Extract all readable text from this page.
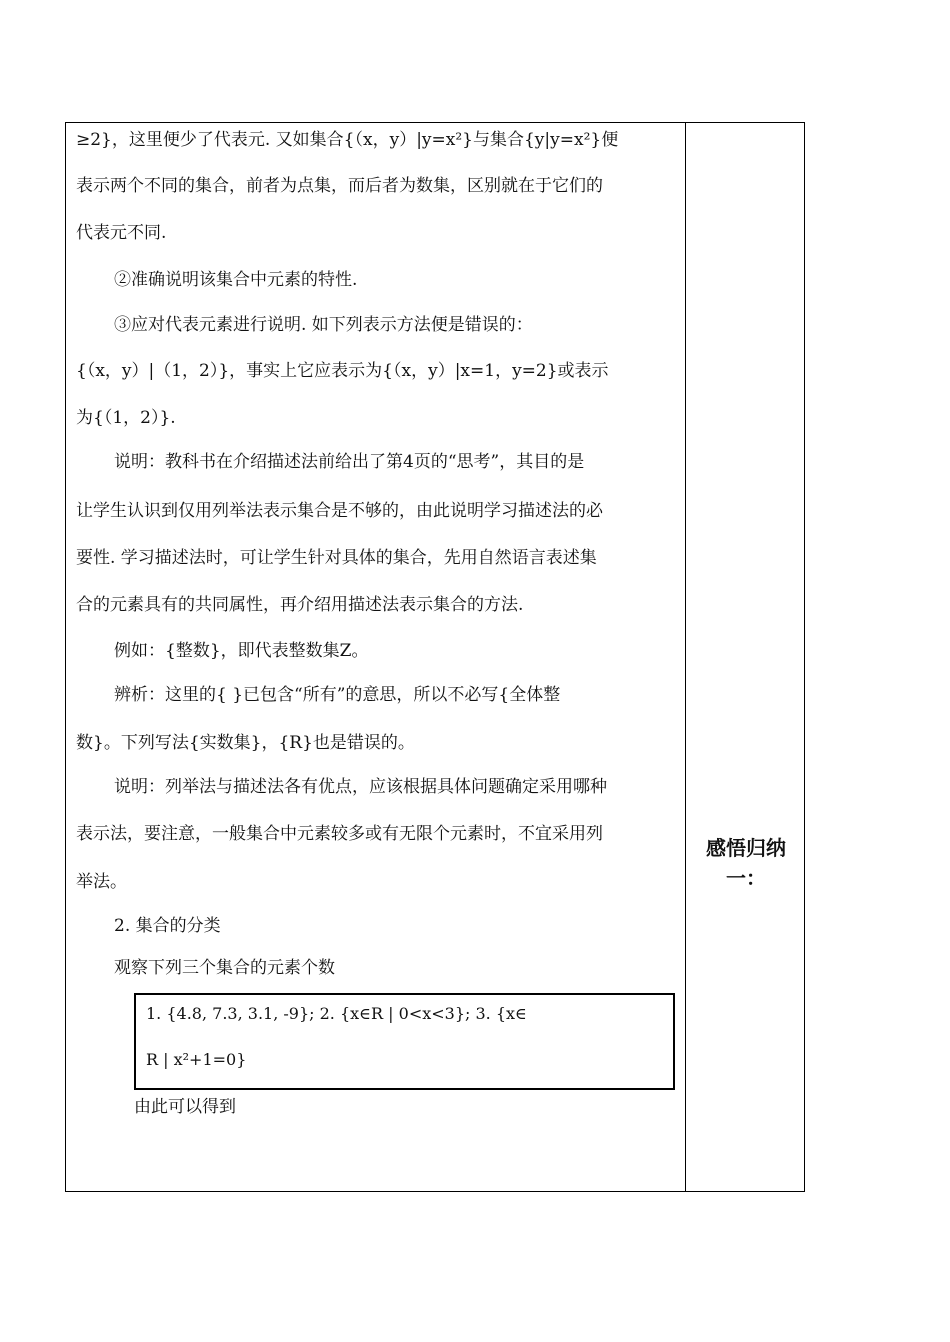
≥2}，这里便少了代表元. 又如集合{（x，y）|y=x²}与集合{y|y=x²}便
表示两个不同的集合，前者为点集，而后者为数集，区别就在于它们的
代表元不同.
②准确说明该集合中元素的特性.
③应对代表元素进行说明. 如下列表示方法便是错误的：
{（x，y）|（1，2）}，事实上它应表示为{（x，y）|x=1，y=2}或表示
为{（1，2）}.
说明：教科书在介绍描述法前给出了第4页的“思考”，其目的是
让学生认识到仅用列举法表示集合是不够的，由此说明学习描述法的必
要性. 学习描述法时，可让学生针对具体的集合，先用自然语言表述集
合的元素具有的共同属性，再介绍用描述法表示集合的方法.
例如：{整数}，即代表整数集Z。
辨析：这里的{ }已包含“所有”的意思，所以不必写{全体整
数}。下列写法{实数集}，{R}也是错误的。
说明：列举法与描述法各有优点，应该根据具体问题确定采用哪种
表示法，要注意，一般集合中元素较多或有无限个元素时，不宜采用列
举法。
2. 集合的分类
观察下列三个集合的元素个数
1. {4.8, 7.3, 3.1, -9}; 2. {x∈R | 0<x<3}; 3. {x∈
R | x²+1=0}
由此可以得到
感悟归纳
一：
